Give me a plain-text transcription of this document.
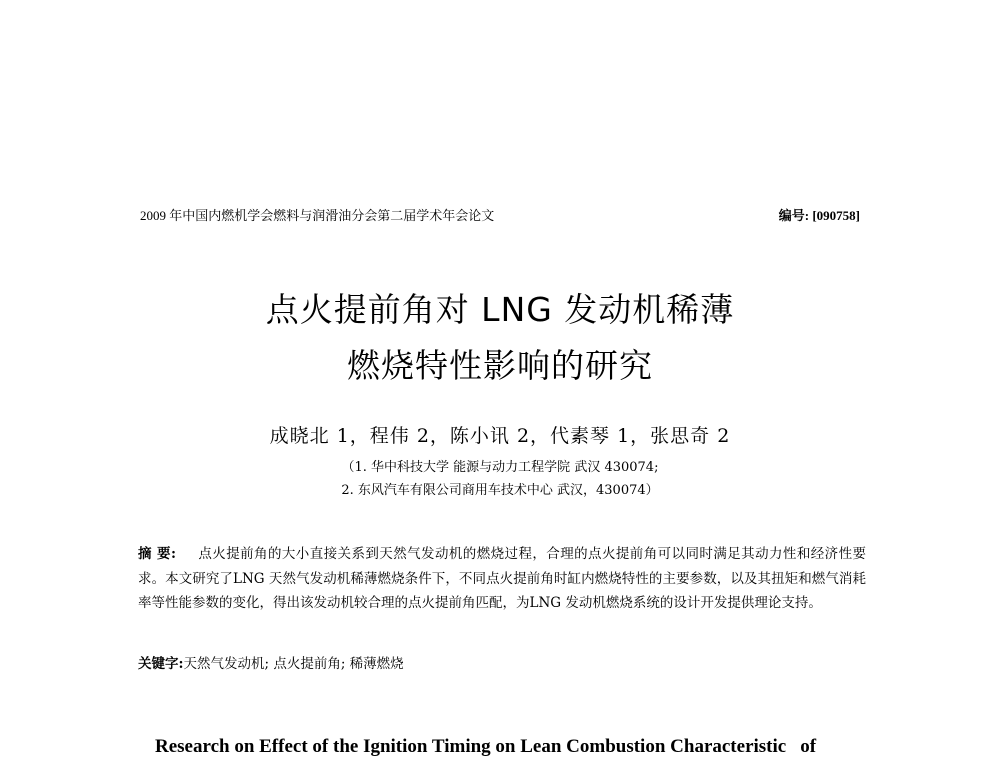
2009 年中国内燃机学会燃料与润滑油分会第二届学术年会论文	编号: [090758]
点火提前角对 LNG 发动机稀薄
燃烧特性影响的研究
成晓北 1，程伟 2，陈小讯 2，代素琴 1，张思奇 2
（1. 华中科技大学 能源与动力工程学院 武汉 430074;
2. 东风汽车有限公司商用车技术中心 武汉，430074）
摘 要: 点火提前角的大小直接关系到天然气发动机的燃烧过程，合理的点火提前角可以同时满足其动力性和经济性要求。本文研究了LNG 天然气发动机稀薄燃烧条件下，不同点火提前角时缸内燃烧特性的主要参数，以及其扭矩和燃气消耗率等性能参数的变化，得出该发动机较合理的点火提前角匹配，为LNG 发动机燃烧系统的设计开发提供理论支持。
关键字:天然气发动机; 点火提前角; 稀薄燃烧
Research on Effect of the Ignition Timing on Lean Combustion Characteristic of
